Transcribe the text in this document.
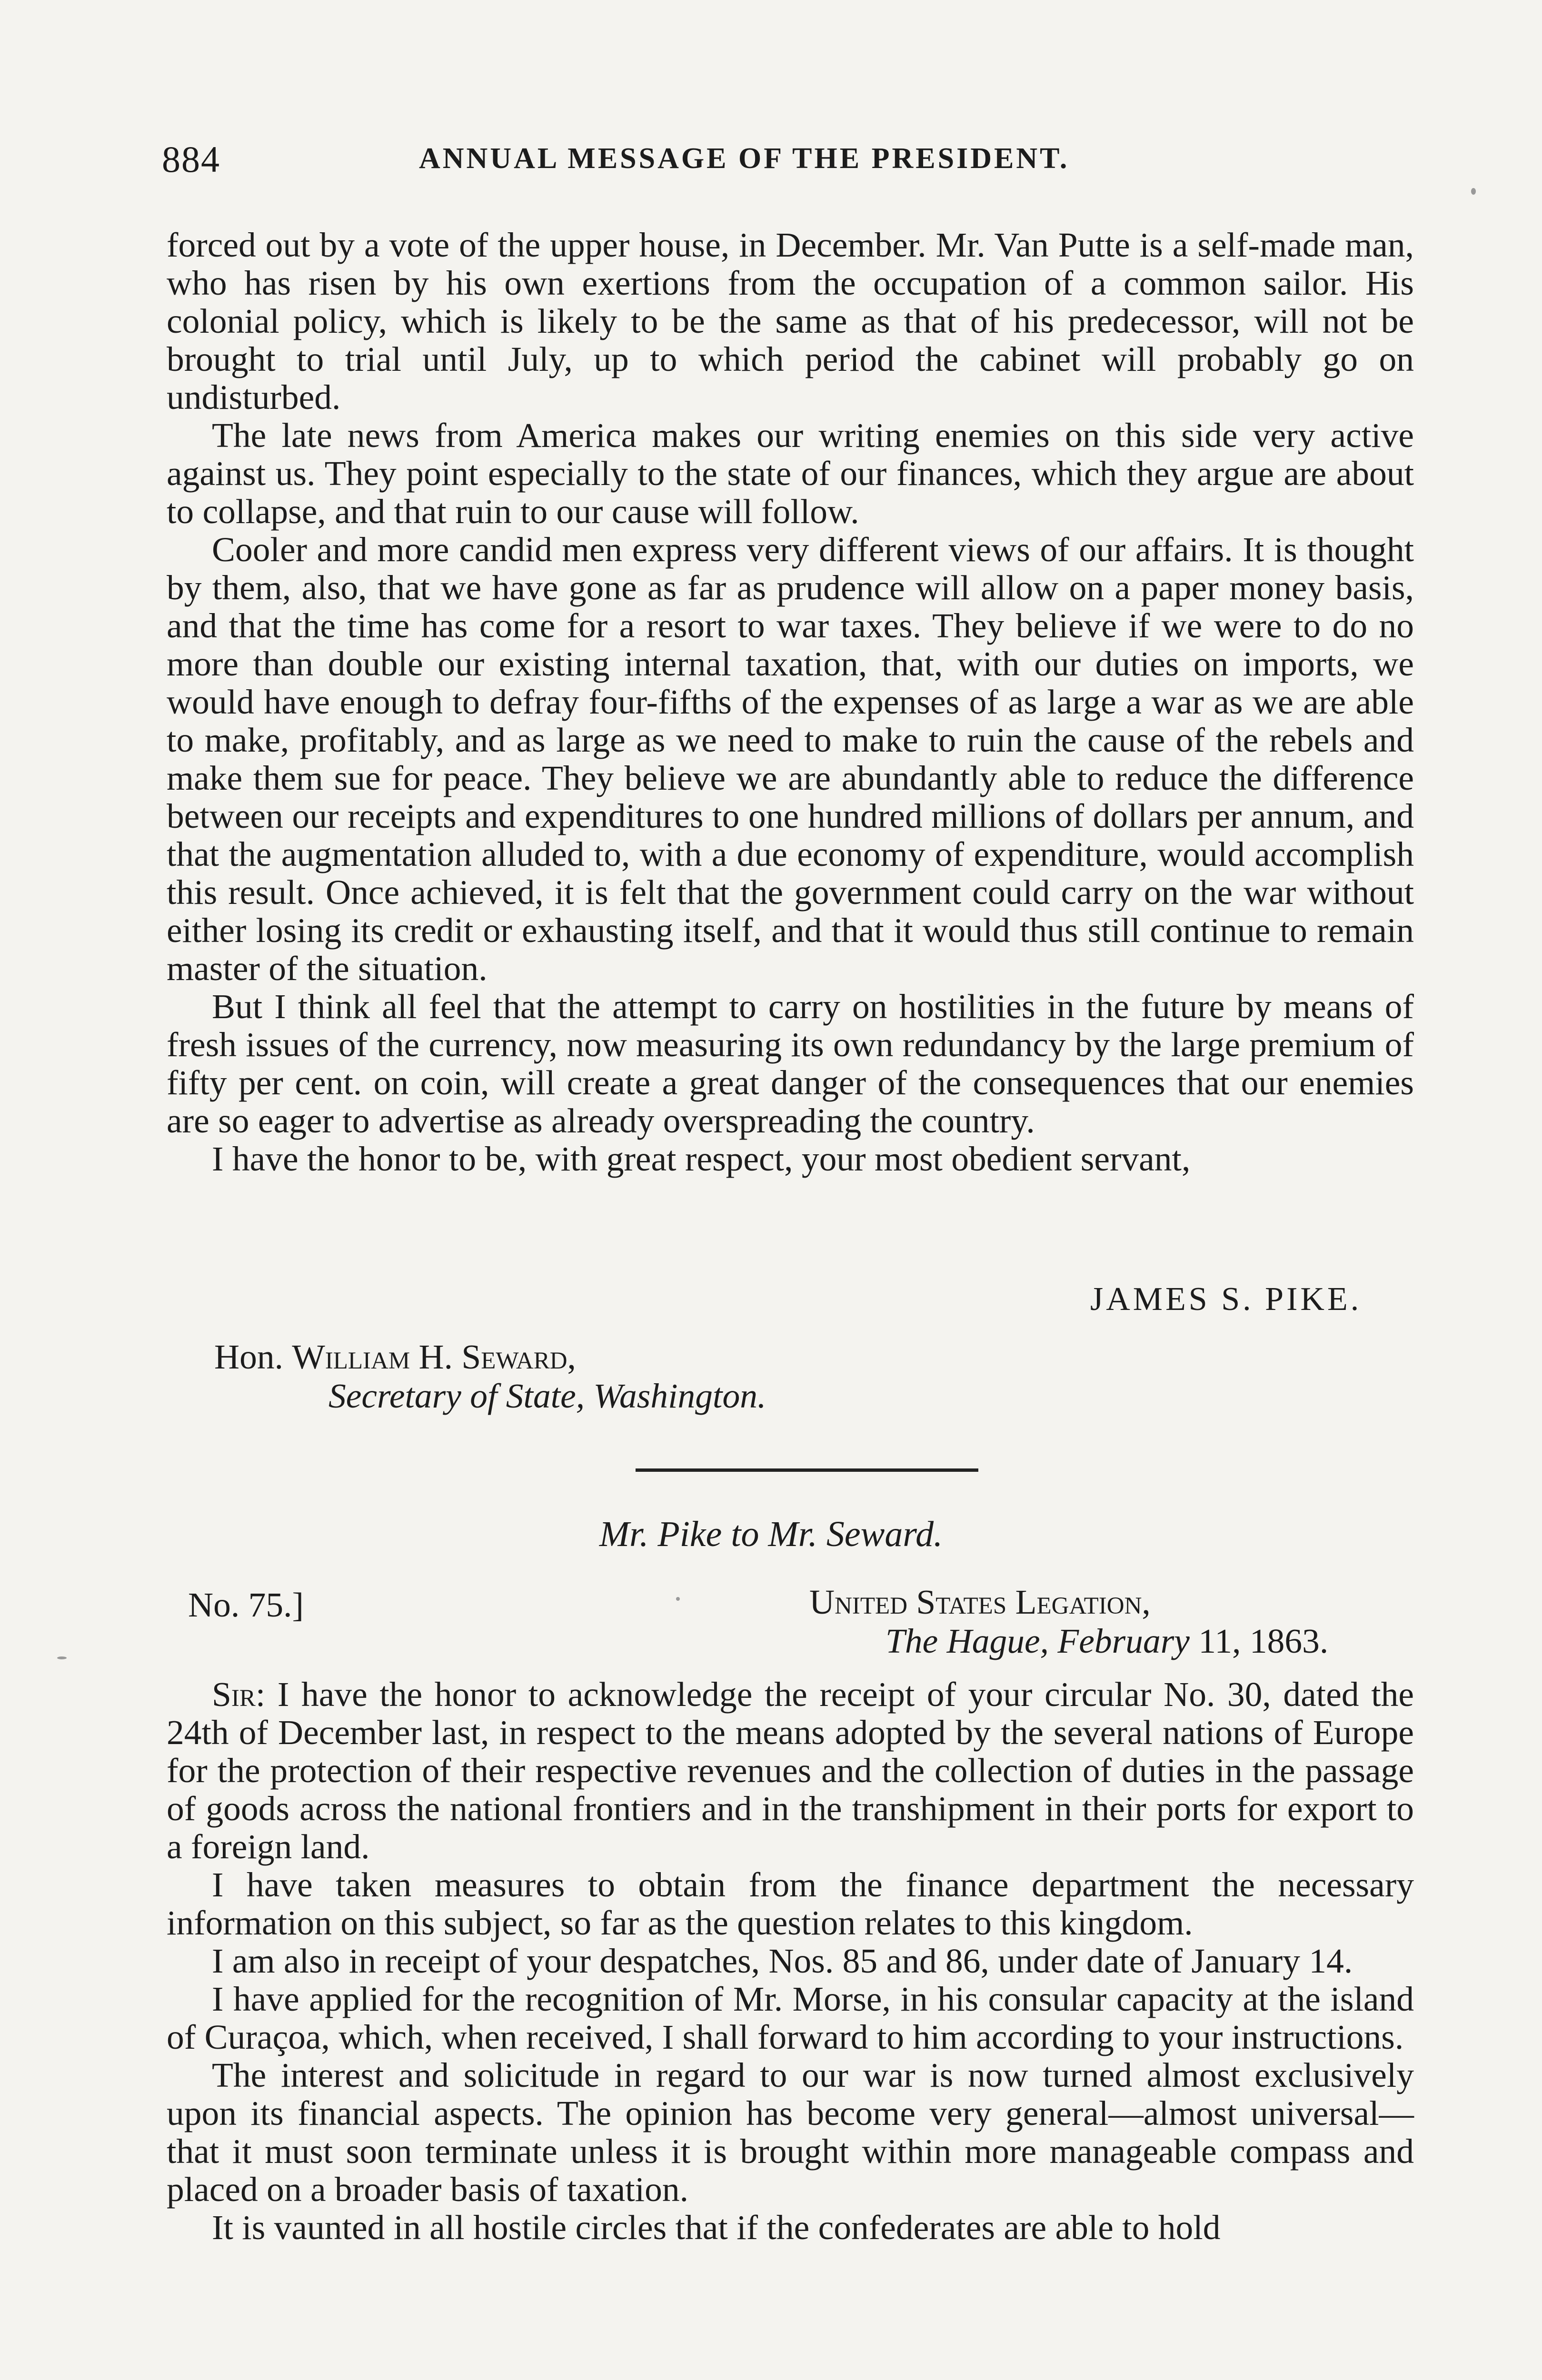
884	ANNUAL MESSAGE OF THE PRESIDENT.

forced out by a vote of the upper house, in December. Mr. Van Putte is a self-made man, who has risen by his own exertions from the occupation of a common sailor. His colonial policy, which is likely to be the same as that of his predecessor, will not be brought to trial until July, up to which period the cabinet will probably go on undisturbed.

The late news from America makes our writing enemies on this side very active against us. They point especially to the state of our finances, which they argue are about to collapse, and that ruin to our cause will follow.

Cooler and more candid men express very different views of our affairs. It is thought by them, also, that we have gone as far as prudence will allow on a paper money basis, and that the time has come for a resort to war taxes. They believe if we were to do no more than double our existing internal taxation, that, with our duties on imports, we would have enough to defray four-fifths of the expenses of as large a war as we are able to make, profitably, and as large as we need to make to ruin the cause of the rebels and make them sue for peace. They believe we are abundantly able to reduce the difference between our receipts and expenditures to one hundred millions of dollars per annum, and that the augmentation alluded to, with a due economy of expenditure, would accomplish this result. Once achieved, it is felt that the government could carry on the war without either losing its credit or exhausting itself, and that it would thus still continue to remain master of the situation.

But I think all feel that the attempt to carry on hostilities in the future by means of fresh issues of the currency, now measuring its own redundancy by the large premium of fifty per cent. on coin, will create a great danger of the consequences that our enemies are so eager to advertise as already overspreading the country.

I have the honor to be, with great respect, your most obedient servant,

JAMES S. PIKE.
Hon. William H. Seward,
Secretary of State, Washington.
Mr. Pike to Mr. Seward.
No. 75.]	United States Legation,
The Hague, February 11, 1863.

Sir: I have the honor to acknowledge the receipt of your circular No. 30, dated the 24th of December last, in respect to the means adopted by the several nations of Europe for the protection of their respective revenues and the collection of duties in the passage of goods across the national frontiers and in the transhipment in their ports for export to a foreign land.

I have taken measures to obtain from the finance department the necessary information on this subject, so far as the question relates to this kingdom.

I am also in receipt of your despatches, Nos. 85 and 86, under date of January 14.

I have applied for the recognition of Mr. Morse, in his consular capacity at the island of Curaçoa, which, when received, I shall forward to him according to your instructions.

The interest and solicitude in regard to our war is now turned almost exclusively upon its financial aspects. The opinion has become very general—almost universal—that it must soon terminate unless it is brought within more manageable compass and placed on a broader basis of taxation.

It is vaunted in all hostile circles that if the confederates are able to hold
